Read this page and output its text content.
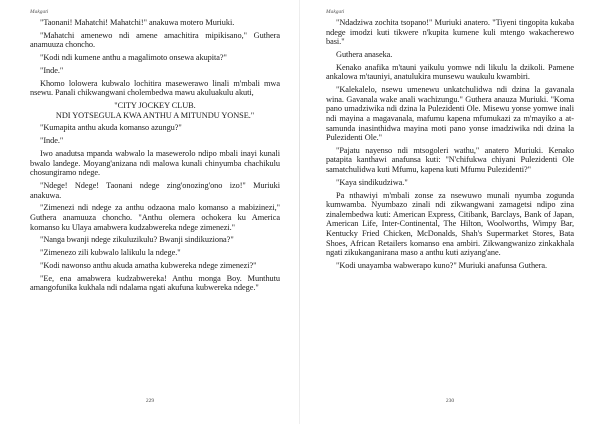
Makgati

"Taonani! Mahatchi! Mahatchi!" anakuwa motero Muriuki.

"Mahatchi amenewo ndi amene amachitira mipikisano," Guthera anamuuza choncho.

"Kodi ndi kumene anthu a magalimoto onsewa akupita?"

"Inde."

Khomo lolowera kubwalo lochitira masewerawo linali m'mbali mwa nsewu. Panali chikwangwani cholembedwa mawu akuluakulu akuti,

"CITY JOCKEY CLUB.

NDI YOTSEGULA KWA ANTHU A MITUNDU YONSE."

"Kumapita anthu akuda komanso azungu?"

"Inde."

Iwo anadutsa mpanda wabwalo la masewerolo ndipo mbali inayi kunali bwalo landege. Moyang'anizana ndi malowa kunali chinyumba chachikulu chosungiramo ndege.

"Ndege! Ndege! Taonani ndege zing'onozing'ono izo!" Muriuki anakuwa.

"Zimenezi ndi ndege za anthu odzaona malo komanso a mabizinezi," Guthera anamuuza choncho. "Anthu olemera ochokera ku America komanso ku Ulaya amabwera kudzabwereka ndege zimenezi."

"Nanga bwanji ndege zikuluzikulu? Bwanji sindikuziona?"

"Zimenezo zili kubwalo lalikulu la ndege."

"Kodi nawonso anthu akuda amatha kubwereka ndege zimenezi?"

"Ee, ena amabwera kudzabwereka! Anthu monga Boy. Munthutu amangofunika kukhala ndi ndalama ngati akufuna kubwereka ndege."

229
Makgati

"Ndadziwa zochita tsopano!" Muriuki anatero. "Tiyeni tingopita kukaba ndege imodzi kuti tikwere n'kupita kumene kuli mtengo wakacherewo basi."

Guthera anaseka.

Kenako anafika m'tauni yaikulu yomwe ndi likulu la dzikoli. Pamene ankalowa m'tauniyi, anatulukira munsewu waukulu kwambiri.

"Kalekalelo, nsewu umenewu unkatchulidwa ndi dzina la gavanala wina. Gavanala wake anali wachizungu." Guthera anauza Muriuki. "Koma pano umadziwika ndi dzina la Pulezidenti Ole. Misewu yonse yomwe inali ndi mayina a magavanala, mafumu kapena mfumukazi za m'mayiko a atsamunda inasinthidwa mayina moti pano yonse imadziwika ndi dzina la Pulezidenti Ole."

"Pajatu nayenso ndi mtsogoleri wathu," anatero Muriuki. Kenako patapita kanthawi anafunsa kuti: "N'chifukwa chiyani Pulezidenti Ole samatchulidwa kuti Mfumu, kapena kuti Mfumu Pulezidenti?"

"Kaya sindikudziwa."

Pa nthawiyi m'mbali zonse za nsewuwo munali nyumba zogunda kumwamba. Nyumbazo zinali ndi zikwangwani zamagetsi ndipo zina zinalembedwa kuti: American Express, Citibank, Barclays, Bank of Japan, American Life, Inter-Continental, The Hilton, Woolworths, Wimpy Bar, Kentucky Fried Chicken, McDonalds, Shah's Supermarket Stores, Bata Shoes, African Retailers komanso ena ambiri. Zikwangwanizo zinkakhala ngati zikukanganirana maso a anthu kuti aziyang'ane.

"Kodi unayamba wabwerapo kuno?" Muriuki anafunsa Guthera.

230
